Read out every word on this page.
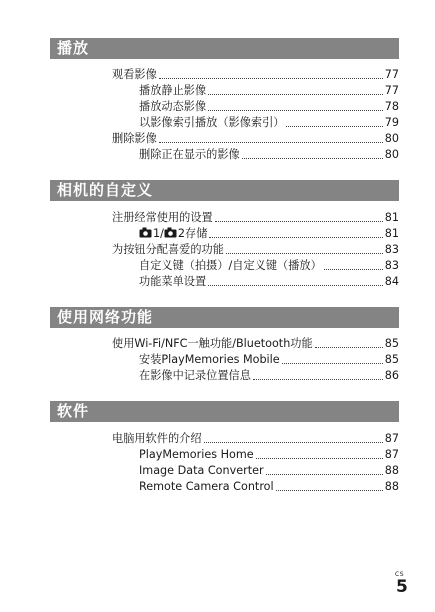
播放
观看影像	77
播放静止影像	77
播放动态影像	78
以影像索引播放（影像索引）	79
删除影像	80
删除正在显示的影像	80
相机的自定义
注册经常使用的设置	81
1/ 2存储	81
为按钮分配喜爱的功能	83
自定义键（拍摄）/自定义键（播放）	83
功能菜单设置	84
使用网络功能
使用Wi-Fi/NFC一触功能/Bluetooth功能	85
安装PlayMemories Mobile	85
在影像中记录位置信息	86
软件
电脑用软件的介绍	87
PlayMemories Home	87
Image Data Converter	88
Remote Camera Control	88
CS
5
